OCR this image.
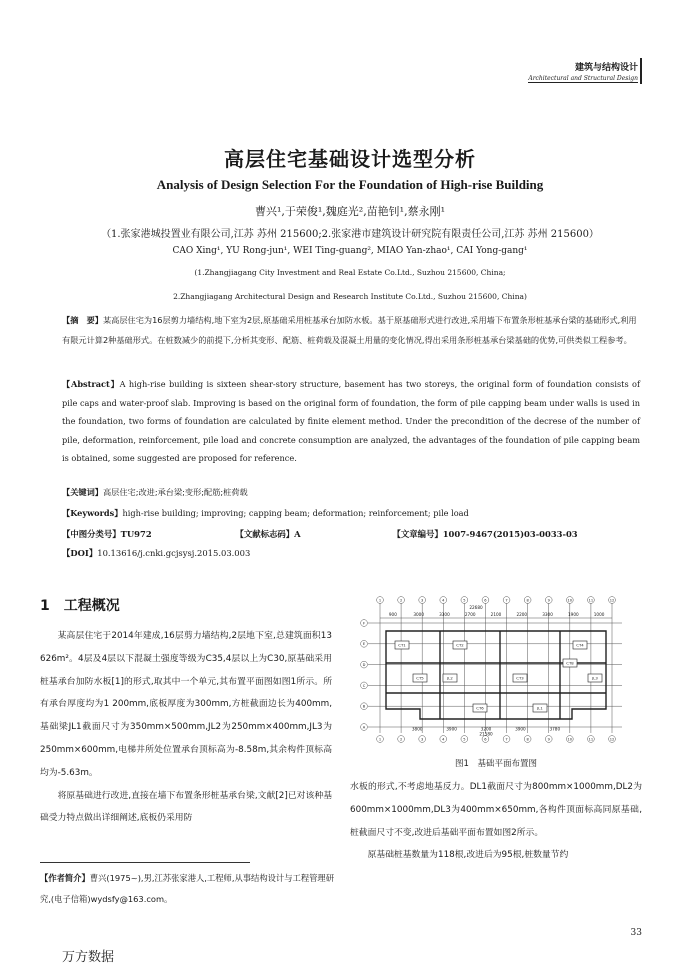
建筑与结构设计
Architectural and Structural Design
高层住宅基础设计选型分析
Analysis of Design Selection For the Foundation of High-rise Building
曹兴¹,于荣俊¹,魏庭光²,苗艳钊¹,蔡永刚¹
（1.张家港城投置业有限公司,江苏 苏州 215600;2.张家港市建筑设计研究院有限责任公司,江苏 苏州 215600）
CAO Xing¹, YU Rong-jun¹, WEI Ting-guang², MIAO Yan-zhao¹, CAI Yong-gang¹
(1.Zhangjiagang City Investment and Real Estate Co.Ltd., Suzhou 215600, China;
2.Zhangjiagang Architectural Design and Research Institute Co.Ltd., Suzhou 215600, China)
【摘　要】某高层住宅为16层剪力墙结构,地下室为2层,原基础采用桩基承台加防水板。基于原基础形式进行改进,采用墙下布置条形桩基承台梁的基础形式,利用有限元计算2种基础形式。在桩数减少的前提下,分析其变形、配筋、桩荷载及混凝土用量的变化情况,得出采用条形桩基承台梁基础的优势,可供类似工程参考。
【Abstract】A high-rise building is sixteen shear-story structure, basement has two storeys, the original form of foundation consists of pile caps and water-proof slab. Improving is based on the original form of foundation, the form of pile capping beam under walls is used in the foundation, two forms of foundation are calculated by finite element method. Under the precondition of the decrese of the number of pile, deformation, reinforcement, pile load and concrete consumption are analyzed, the advantages of the foundation of pile capping beam is obtained, some suggested are proposed for reference.
【关键词】高层住宅;改进;承台梁;变形;配筋;桩荷载
【Keywords】high-rise building; improving; capping beam; deformation; reinforcement; pile load
【中图分类号】TU972	【文献标志码】A	【文章编号】1007-9467(2015)03-0033-03
【DOI】10.13616/j.cnki.gcjsysj.2015.03.003
1　工程概况

某高层住宅于2014年建成,16层剪力墙结构,2层地下室,总建筑面积13 626m²。4层及4层以下混凝土强度等级为C35,4层以上为C30,原基础采用桩基承台加防水板[1]的形式,取其中一个单元,其布置平面图如图1所示。所有承台厚度均为1 200mm,底板厚度为300mm,方桩截面边长为400mm,基础梁JL1截面尺寸为350mm×500mm,JL2为250mm×400mm,JL3为250mm×600mm,电梯井所处位置承台顶标高为-8.58m,其余构件顶标高均为-5.63m。

将原基础进行改进,直接在墙下布置条形桩基承台梁,文献[2]已对该种基础受力特点做出详细阐述,底板仍采用防

1
1
2
2
3
3
4
4
5
5
6
6
7
7
8
8
9
9
10
10
11
11
12
12
A
B
C
D
E
F
22680
900	3000	3300	2700	2100	2200	3300	1900	1000
3800	3900	3200	3900	3780
21580
CT1	CT2
CT3
CT4
CT5
CT6	JL1
JL2	JL3
CT8
图1　基础平面布置图

水板的形式,不考虑地基反力。DL1截面尺寸为800mm×1000mm,DL2为600mm×1000mm,DL3为400mm×650mm,各构件顶面标高同原基础,桩截面尺寸不变,改进后基础平面布置如图2所示。

原基础桩基数量为118根,改进后为95根,桩数量节约

【作者简介】曹兴(1975~),男,江苏张家港人,工程师,从事结构设计与工程管理研究,(电子信箱)wydsfy@163.com。
33
万方数据
